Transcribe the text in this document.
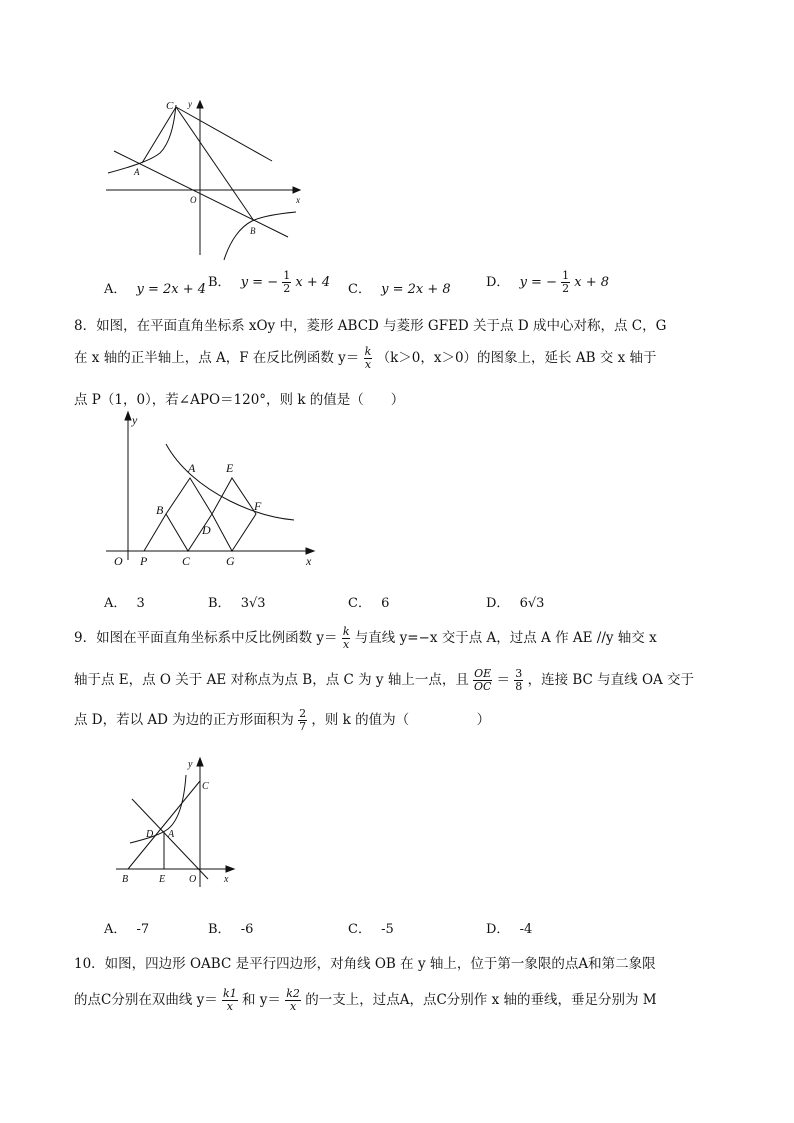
C y
A
O	x
B
A． y = 2x + 4 B． y = − $\frac{1}{2}$ x + 4 C． y = 2x + 8	D． y = − $\frac{1}{2}$ x + 8
8．如图，在平面直角坐标系 xOy 中，菱形 ABCD 与菱形 GFED 关于点 D 成中心对称，点 C，G
在 x 轴的正半轴上，点 A，F 在反比例函数 $y= \frac{k}{x} (k>0$，x＞0）的图象上，延长 AB 交 x 轴于
点 P（1，0），若∠APO＝120°，则 k 的值是（　　）
y
A	E
B	F
D
O P	C	G	x
A． 3	B． 3√3	C． 6	D． 6√3
9．如图在平面直角坐标系中反比例函数 $y= \frac{k}{x}$ 与直线 y=−x 交于点 A，过点 A 作 AE //y 轴交 x
轴于点 E，点 O 关于 AE 对称点为点 B，点 C 为 y 轴上一点，且 $\frac{OE}{OC} = \frac{3}{8}$ ，连接 BC 与直线 OA 交于
点 D，若以 AD 为边的正方形面积为 $\frac{2}{7}$ ，则 k 的值为（　　　　　）
y
C
D A
B	E O	x
A． -7	B． -6	C． -5	D． -4
10．如图，四边形 OABC 是平行四边形，对角线 OB 在 y 轴上，位于第一象限的点A和第二象限
的点C分别在双曲线 $y= \frac{k1}{x}$ 和 $y= \frac{k2}{x}$ 的一支上，过点A，点C分别作 x 轴的垂线，垂足分别为 M
